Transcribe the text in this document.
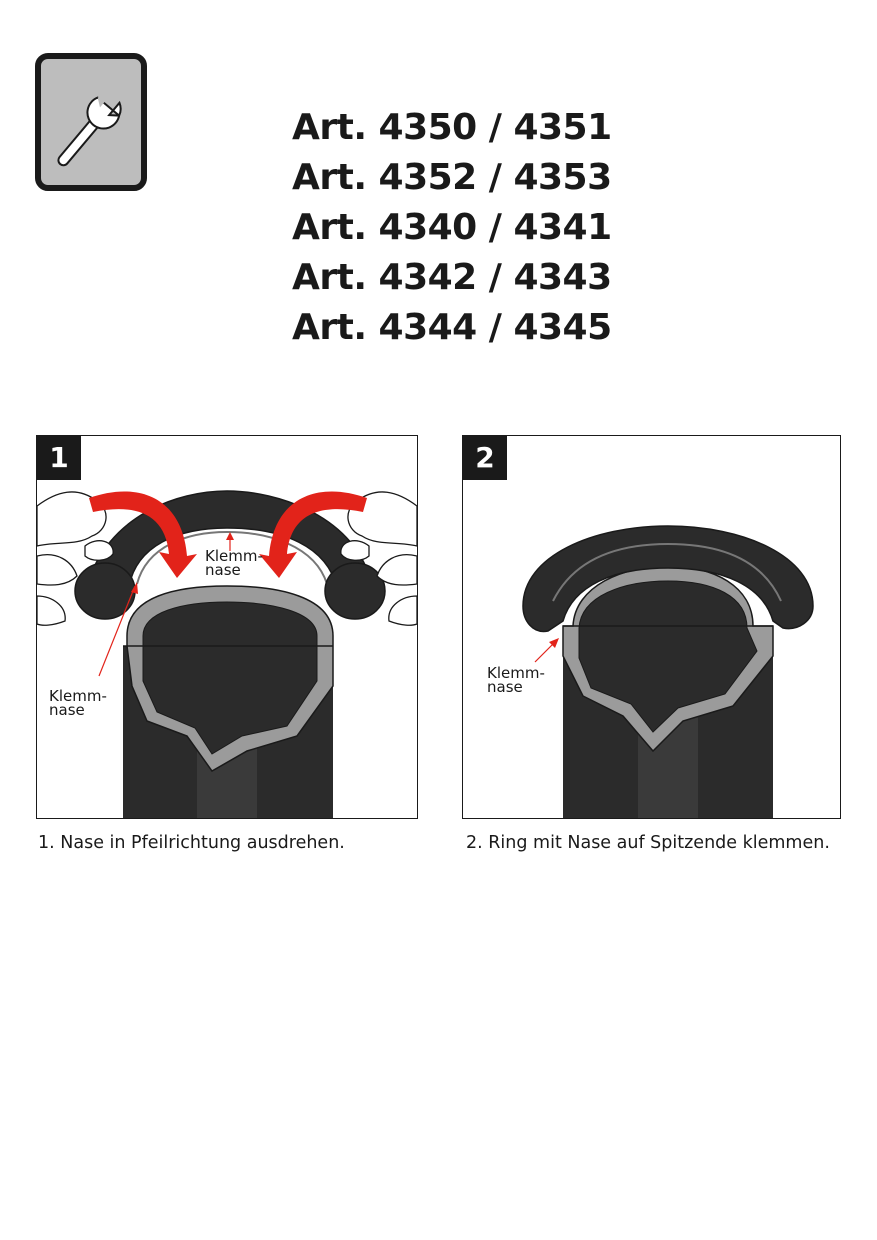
Art. 4350 / 4351
Art. 4352 / 4353
Art. 4340 / 4341
Art. 4342 / 4343
Art. 4344 / 4345
1
Klemm-
nase
Klemm-
nase
2
Klemm-
nase
1. Nase in Pfeilrichtung ausdrehen.	2. Ring mit Nase auf Spitzende klemmen.
